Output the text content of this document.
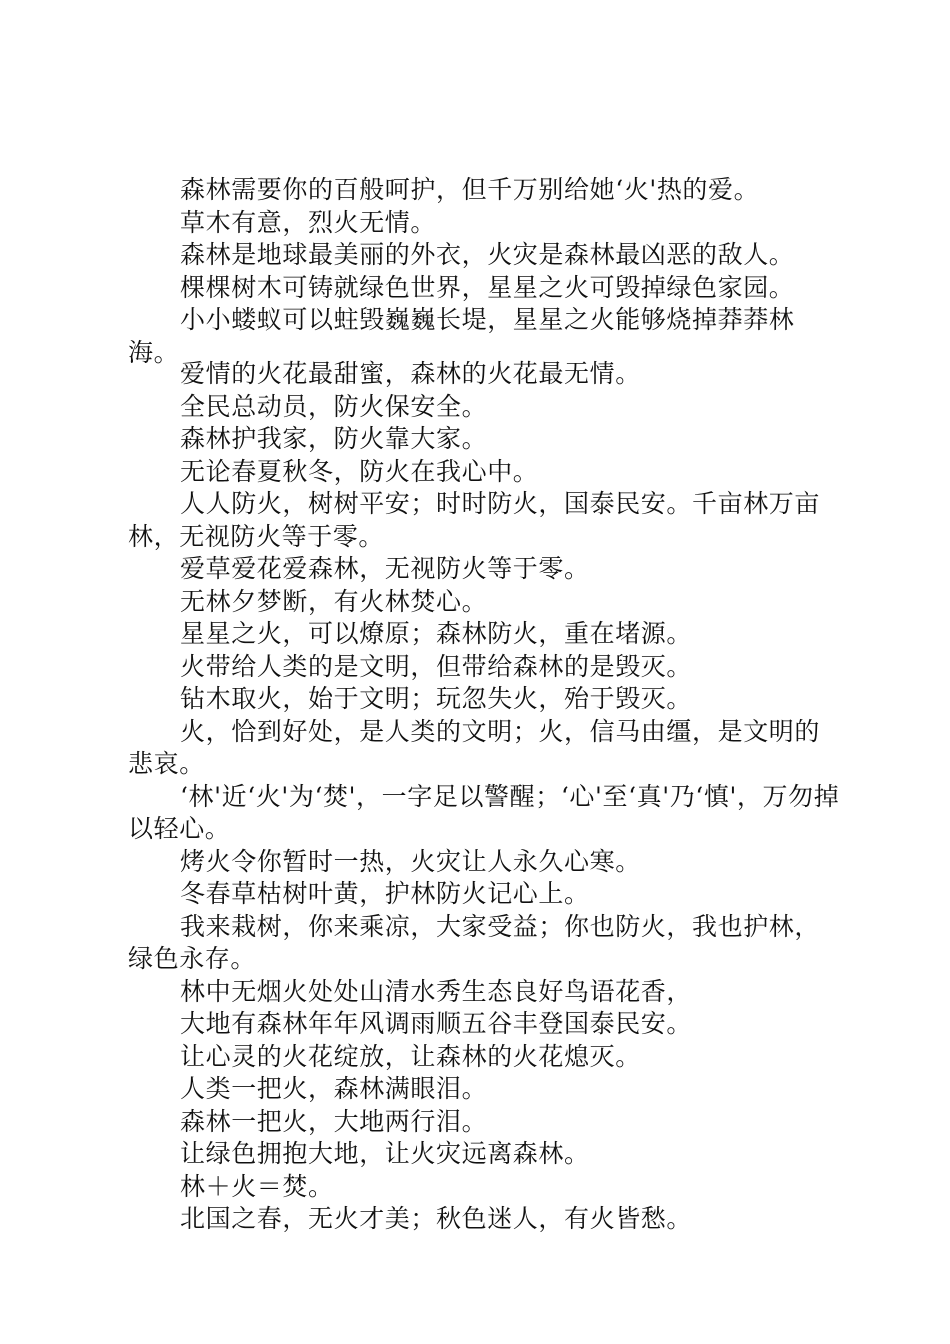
森林需要你的百般呵护，但千万别给她‘火'热的爱。

草木有意，烈火无情。

森林是地球最美丽的外衣，火灾是森林最凶恶的敌人。

棵棵树木可铸就绿色世界，星星之火可毁掉绿色家园。

小小蝼蚁可以蛀毁巍巍长堤，星星之火能够烧掉莽莽林海。

爱情的火花最甜蜜，森林的火花最无情。

全民总动员，防火保安全。

森林护我家，防火靠大家。

无论春夏秋冬，防火在我心中。

人人防火，树树平安；时时防火，国泰民安。千亩林万亩林，无视防火等于零。

爱草爱花爱森林，无视防火等于零。

无林夕梦断，有火林焚心。

星星之火，可以燎原；森林防火，重在堵源。

火带给人类的是文明，但带给森林的是毁灭。

钻木取火，始于文明；玩忽失火，殆于毁灭。

火，恰到好处，是人类的文明；火，信马由缰，是文明的悲哀。

‘林'近‘火'为‘焚'，一字足以警醒；‘心'至‘真'乃‘慎'，万勿掉以轻心。

烤火令你暂时一热，火灾让人永久心寒。

冬春草枯树叶黄，护林防火记心上。

我来栽树，你来乘凉，大家受益；你也防火，我也护林，绿色永存。

林中无烟火处处山清水秀生态良好鸟语花香，

大地有森林年年风调雨顺五谷丰登国泰民安。

让心灵的火花绽放，让森林的火花熄灭。

人类一把火，森林满眼泪。

森林一把火，大地两行泪。

让绿色拥抱大地，让火灾远离森林。

林＋火＝焚。

北国之春，无火才美；秋色迷人，有火皆愁。
